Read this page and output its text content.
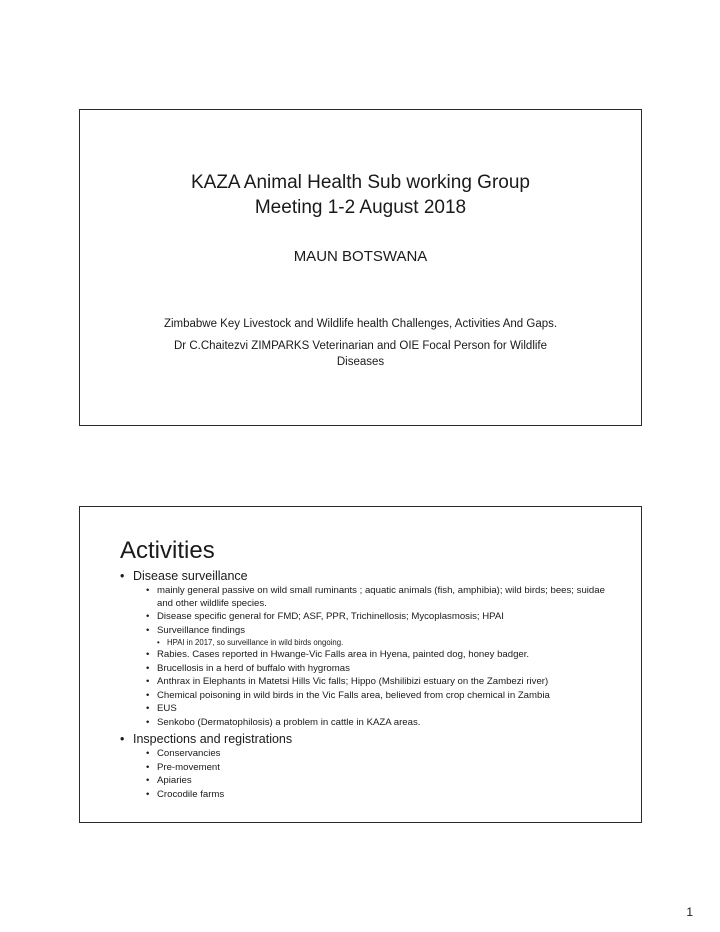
KAZA Animal Health Sub working Group
Meeting 1-2 August 2018
MAUN BOTSWANA

Zimbabwe Key Livestock and Wildlife health Challenges, Activities And Gaps.

Dr C.Chaitezvi ZIMPARKS Veterinarian and OIE Focal Person for Wildlife Diseases

Activities
• Disease surveillance
• mainly general passive on wild small ruminants ; aquatic animals (fish, amphibia); wild birds; bees; suidae and other wildlife species.
• Disease specific general for FMD; ASF, PPR, Trichinellosis; Mycoplasmosis; HPAI
• Surveillance findings
• HPAI in 2017, so surveillance in wild birds ongoing.
• Rabies. Cases reported in Hwange-Vic Falls area in Hyena, painted dog, honey badger.
• Brucellosis in a herd of buffalo with hygromas
• Anthrax in Elephants in Matetsi Hills Vic falls; Hippo (Mshilibizi estuary on the Zambezi river)
• Chemical poisoning in wild birds in the Vic Falls area, believed from crop chemical in Zambia
• EUS
• Senkobo (Dermatophilosis) a problem in cattle in KAZA areas.
• Inspections and registrations
• Conservancies
• Pre-movement
• Apiaries
• Crocodile farms
1
